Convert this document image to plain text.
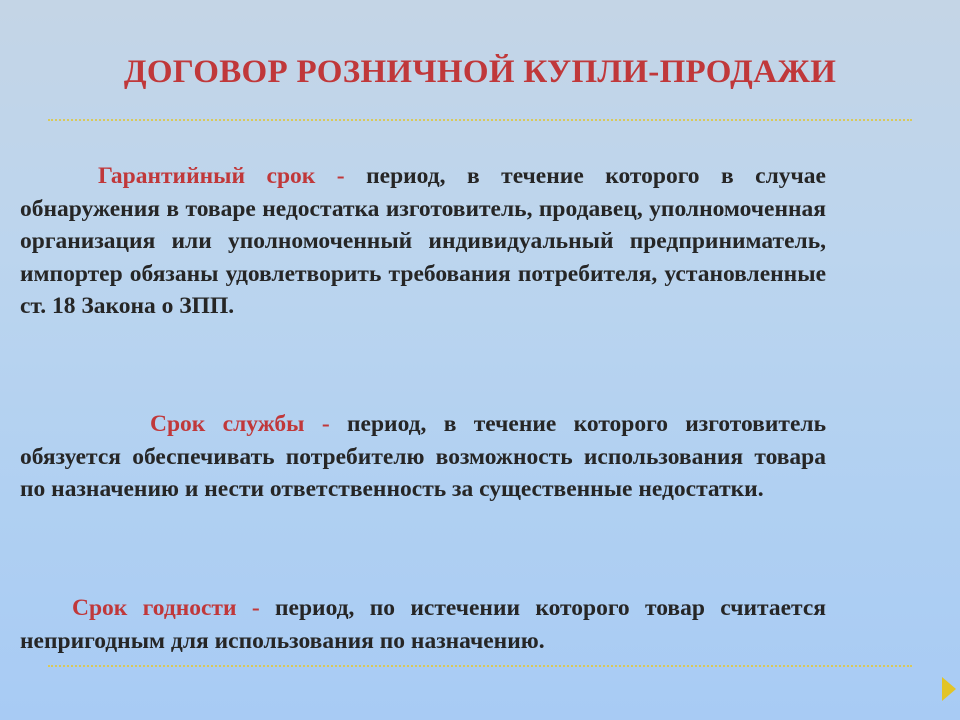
ДОГОВОР РОЗНИЧНОЙ КУПЛИ-ПРОДАЖИ

Гарантийный срок - период, в течение которого в случае обнаружения в товаре недостатка изготовитель, продавец, уполномоченная организация или уполномоченный индивидуальный предприниматель, импортер обязаны удовлетворить требования потребителя, установленные ст. 18 Закона о ЗПП.

Срок службы - период, в течение которого изготовитель обязуется обеспечивать потребителю возможность использования товара по назначению и нести ответственность за существенные недостатки.

Срок годности - период, по истечении которого товар считается непригодным для использования по назначению.
